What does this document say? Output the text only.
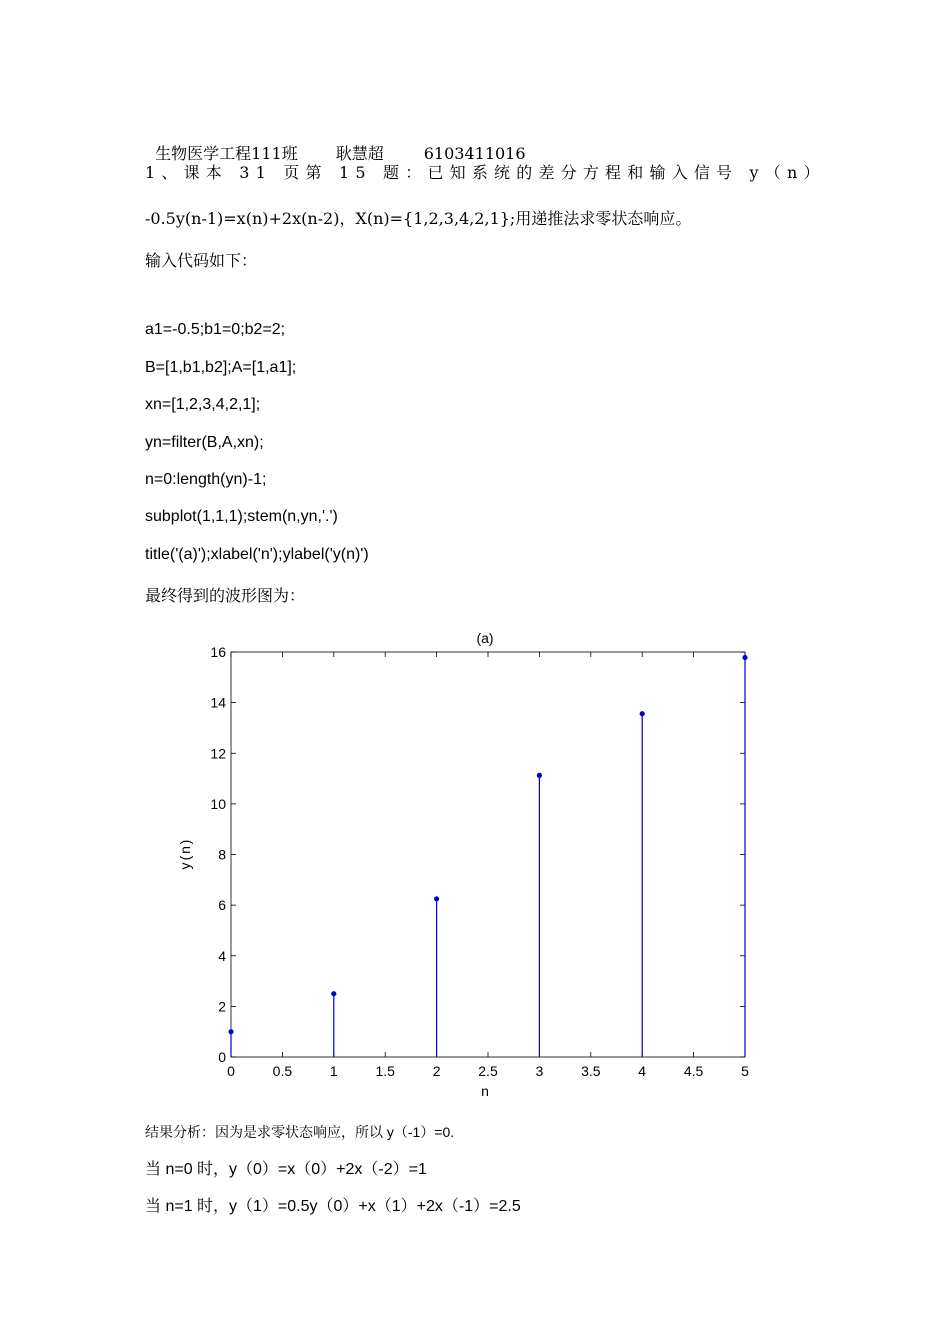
生物医学工程111班 耿慧超	6103411016

1、课本 31 页第 15 题：已知系统的差分方程和输入信号 y（n）
-0.5y(n-1)=x(n)+2x(n-2)，X(n)={1,2,3,4,2,1};用递推法求零状态响应。
输入代码如下：
a1=-0.5;b1=0;b2=2;
B=[1,b1,b2];A=[1,a1];
xn=[1,2,3,4,2,1];
yn=filter(B,A,xn);
n=0:length(yn)-1;
subplot(1,1,1);stem(n,yn,'.')
title('(a)');xlabel('n');ylabel('y(n)')
最终得到的波形图为：
0
2
4
6
8
10
12
14
16
0	0.5	1	1.5	2	2.5	3	3.5	4	4.5	5
(a)
n
)
n
(
y
结果分析：因为是求零状态响应，所以 y（-1）=0.
当 n=0 时，y（0）=x（0）+2x（-2）=1
当 n=1 时，y（1）=0.5y（0）+x（1）+2x（-1）=2.5
